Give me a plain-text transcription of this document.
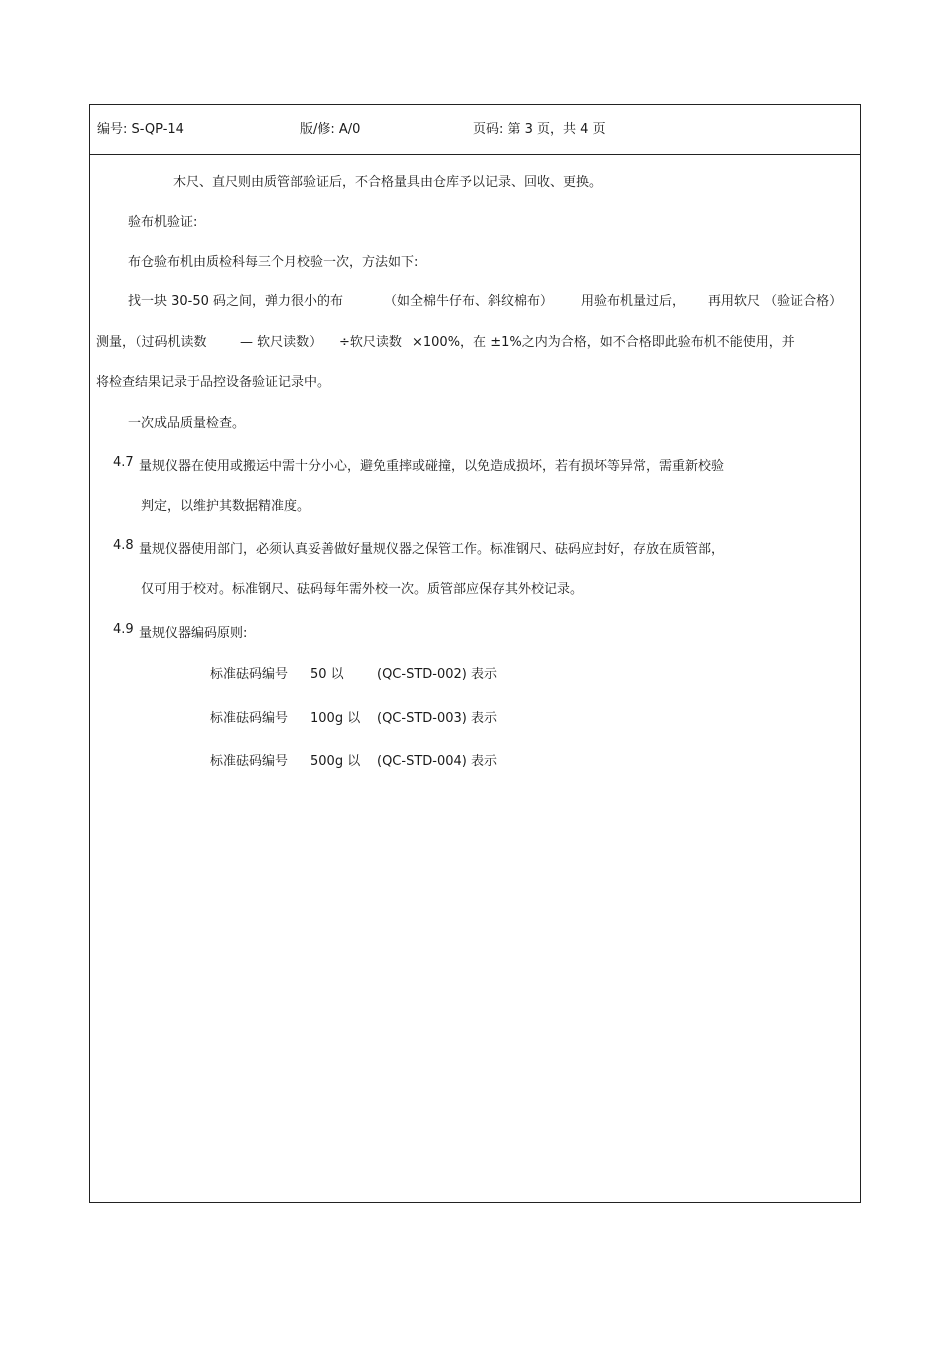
编号: S-QP-14	版/修: A/0	页码: 第 3 页，共 4 页
木尺、直尺则由质管部验证后，不合格量具由仓库予以记录、回收、更换。
验布机验证:
布仓验布机由质检科每三个月校验一次，方法如下:
找一块 30-50 码之间，弹力很小的布	（如全棉牛仔布、斜纹棉布） 用验布机量过后， 再用软尺 （验证合格）
测量，（过码机读数	— 软尺读数） ÷软尺读数 ×100%，在 ±1%之内为合格，如不合格即此验布机不能使用，并
将检查结果记录于品控设备验证记录中。
一次成品质量检查。
4.7 量规仪器在使用或搬运中需十分小心，避免重摔或碰撞，以免造成损坏，若有损坏等异常，需重新校验
判定，以维护其数据精准度。
4.8 量规仪器使用部门，必须认真妥善做好量规仪器之保管工作。标准钢尺、砝码应封好，存放在质管部，
仅可用于校对。标准钢尺、砝码每年需外校一次。质管部应保存其外校记录。
4.9 量规仪器编码原则:
标准砝码编号 50 以	(QC-STD-002) 表示
标准砝码编号 100g 以 (QC-STD-003) 表示
标准砝码编号 500g 以 (QC-STD-004) 表示
